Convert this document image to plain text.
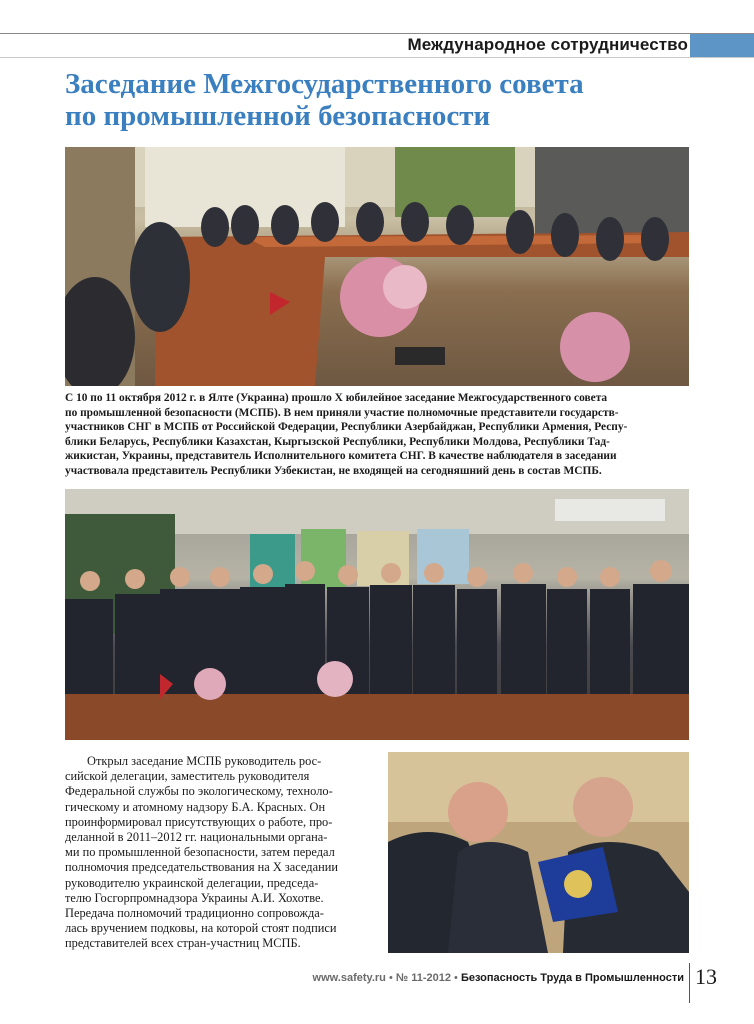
Международное сотрудничество
Заседание Межгосударственного совета
по промышленной безопасности
С 10 по 11 октября 2012 г. в Ялте (Украина) прошло X юбилейное заседание Межгосударственного совета
по промышленной безопасности (МСПБ). В нем приняли участие полномочные представители государств-
участников СНГ в МСПБ от Российской Федерации, Республики Азербайджан, Республики Армения, Респу-
блики Беларусь, Республики Казахстан, Кыргызской Республики, Республики Молдова, Республики Тад-
жикистан, Украины, представитель Исполнительного комитета СНГ. В качестве наблюдателя в заседании
участвовала представитель Республики Узбекистан, не входящей на сегодняшний день в состав МСПБ.
Открыл заседание МСПБ руководитель рос-
сийской делегации, заместитель руководителя
Федеральной службы по экологическому, техноло-
гическому и атомному надзору Б.А. Красных. Он
проинформировал присутствующих о работе, про-
деланной в 2011–2012 гг. национальными органа-
ми по промышленной безопасности, затем передал
полномочия председательствования на X заседании
руководителю украинской делегации, председа-
телю Госгорпромнадзора Украины А.И. Хохотве.
Передача полномочий традиционно сопровождa-
лась вручением подковы, на которой стоят подписи
представителей всех стран-участниц МСПБ.
www.safety.ru • № 11-2012 • Безопасность Труда в Промышленности 13
